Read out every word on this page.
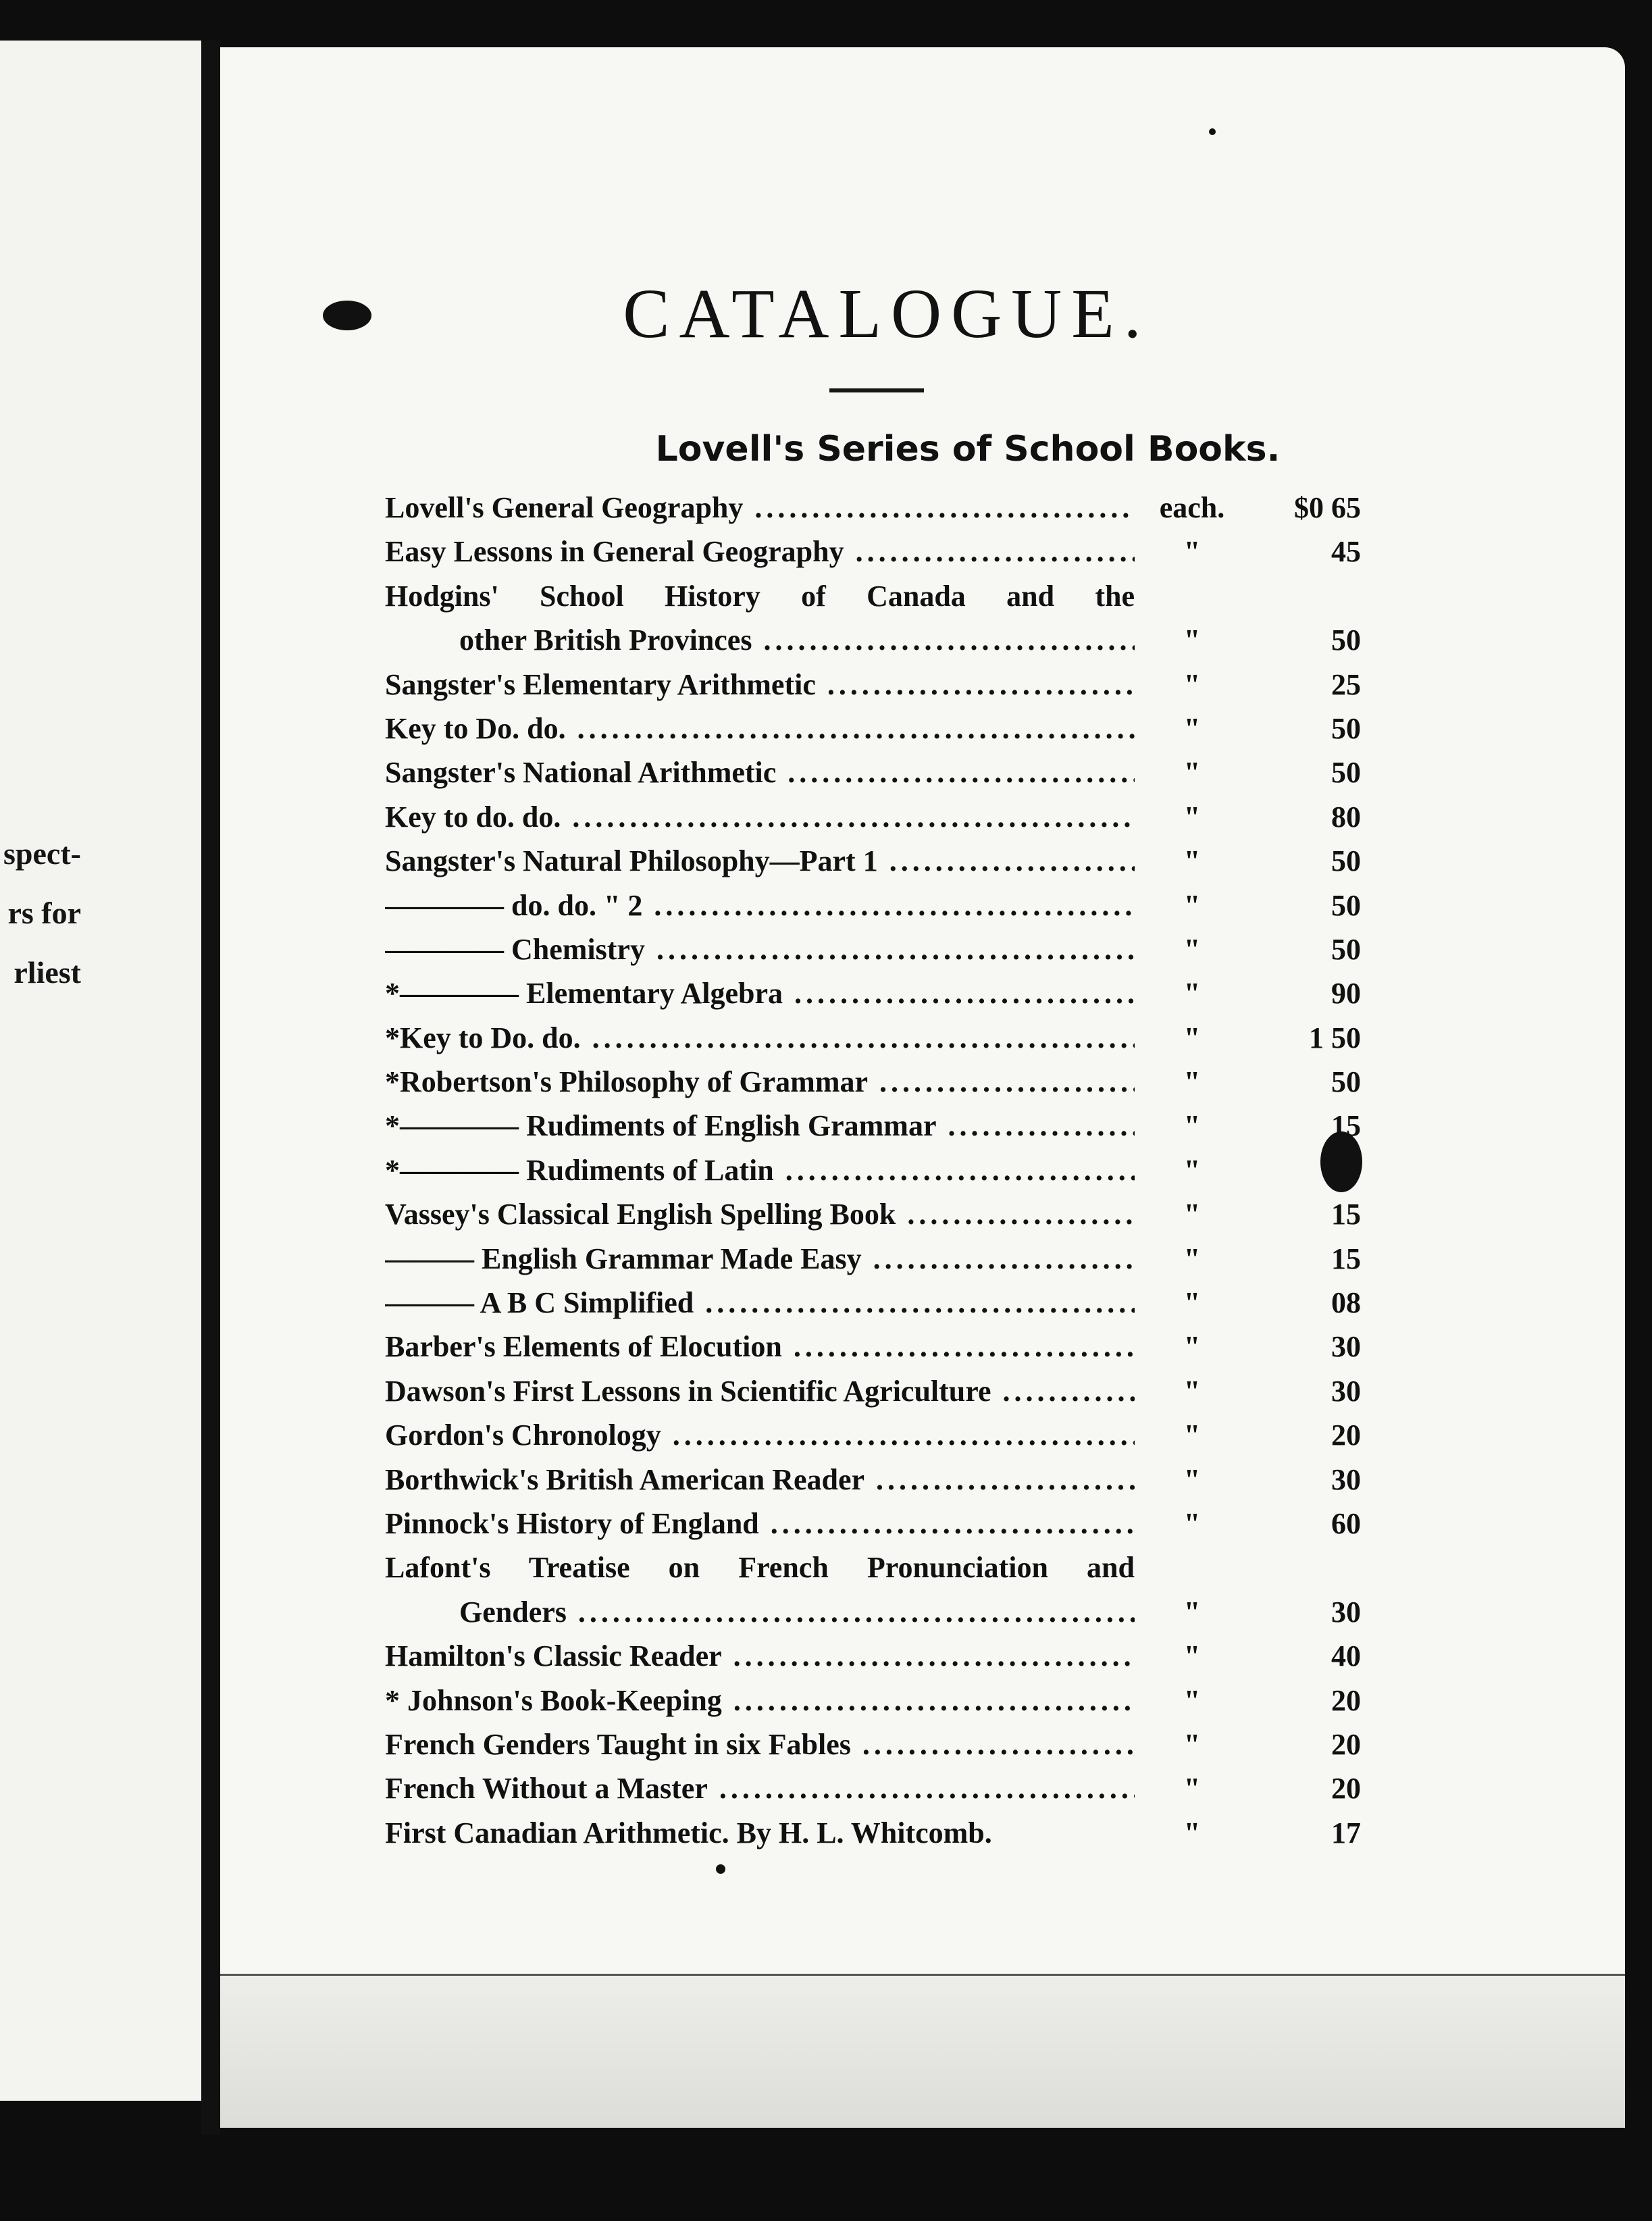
spect-
rs for
rliest
CATALOGUE.
Lovell's Series of School Books.
Lovell's General Geography .....	each.	$0 65
Easy Lessons in General Geography .....	"	45
Hodgins' School History of Canada and the
other British Provinces .....	"	50
Sangster's Elementary Arithmetic .....	"	25
Key to Do. do. .....	"	50
Sangster's National Arithmetic .....	"	50
Key to do. do. .....	"	80
Sangster's Natural Philosophy—Part 1 .....	"	50
———— do. do. " 2 .....	"	50
———— Chemistry .....	"	50
*———— Elementary Algebra .....	"	90
*Key to Do. do. .....	"	1 50
*Robertson's Philosophy of Grammar .....	"	50
*———— Rudiments of English Grammar .....	"	15
*———— Rudiments of Latin .....	"
Vassey's Classical English Spelling Book .....	"	15
——— English Grammar Made Easy .....	"	15
——— A B C Simplified .....	"	08
Barber's Elements of Elocution .....	"	30
Dawson's First Lessons in Scientific Agriculture .....	"	30
Gordon's Chronology .....	"	20
Borthwick's British American Reader .....	"	30
Pinnock's History of England .....	"	60
Lafont's Treatise on French Pronunciation and
Genders .....	"	30
Hamilton's Classic Reader .....	"	40
* Johnson's Book-Keeping .....	"	20
French Genders Taught in six Fables .....	"	20
French Without a Master .....	"	20
First Canadian Arithmetic. By H. L. Whitcomb.	"	17
